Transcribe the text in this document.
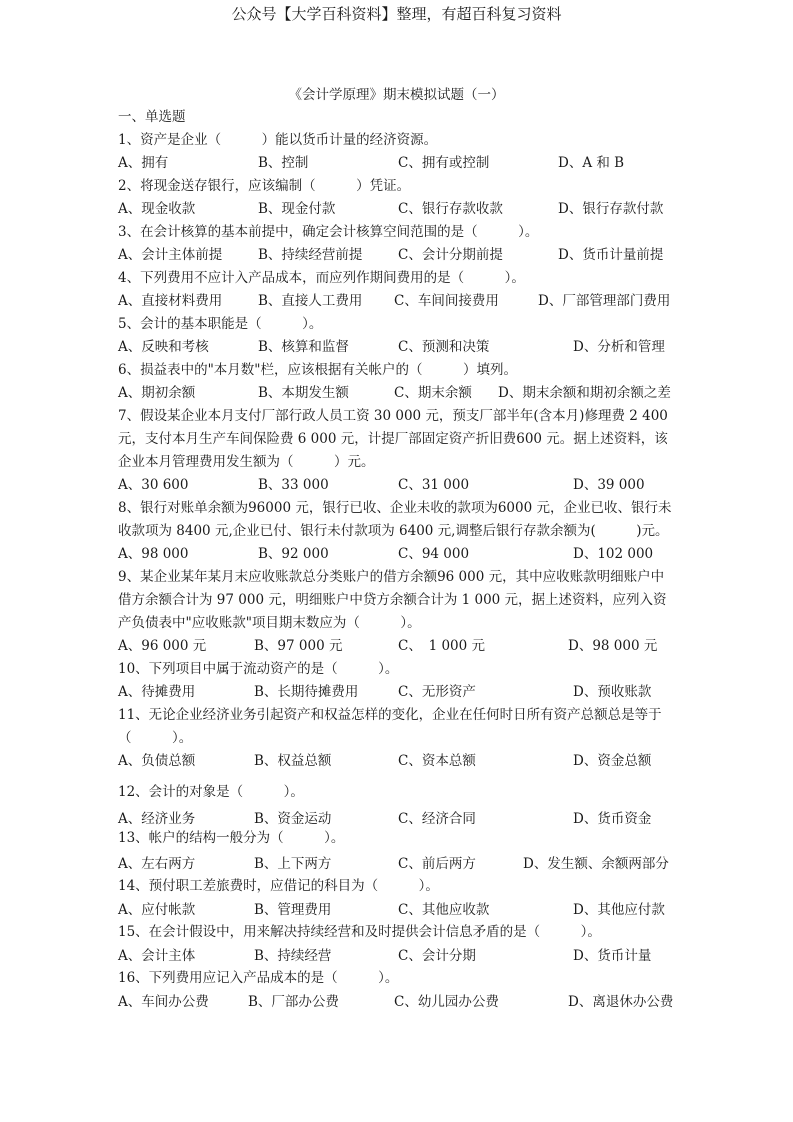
公众号【大学百科资料】整理，有超百科复习资料
《会计学原理》期末模拟试题（一）
一、单选题
1、资产是企业（　　　）能以货币计量的经济资源。
A、拥有	B、控制	C、拥有或控制	D、A 和 B
2、将现金送存银行，应该编制（　　　）凭证。
A、现金收款	B、现金付款	C、银行存款收款	D、银行存款付款
3、在会计核算的基本前提中，确定会计核算空间范围的是（　　　）。
A、会计主体前提	B、持续经营前提	C、会计分期前提	D、货币计量前提
4、下列费用不应计入产品成本，而应列作期间费用的是（　　　）。
A、直接材料费用	B、直接人工费用 C、车间间接费用	D、厂部管理部门费用
5、会计的基本职能是（　　　）。
A、反映和考核	B、核算和监督	C、预测和决策	D、分析和管理
6、损益表中的"本月数"栏，应该根据有关帐户的（　　　）填列。
A、期初余额	B、本期发生额	C、期末余额 D、期末余额和期初余额之差
7、假设某企业本月支付厂部行政人员工资 30 000 元，预支厂部半年(含本月)修理费 2 400
元，支付本月生产车间保险费 6 000 元，计提厂部固定资产折旧费600 元。据上述资料，该
企业本月管理费用发生额为（　　　）元。
A、30 600	B、33 000	C、31 000	D、39 000
8、银行对账单余额为96000 元，银行已收、企业未收的款项为6000 元，企业已收、银行未
收款项为 8400 元,企业已付、银行未付款项为 6400 元,调整后银行存款余额为(　　　)元。
A、98 000	B、92 000	C、94 000	D、102 000
9、某企业某年某月末应收账款总分类账户的借方余额96 000 元，其中应收账款明细账户中
借方余额合计为 97 000 元，明细账户中贷方余额合计为 1 000 元，据上述资料，应列入资
产负债表中"应收账款"项目期末数应为（　　　）。
A、96 000 元	B、97 000 元	C、　1 000 元	D、98 000 元
10、下列项目中属于流动资产的是（　　　）。
A、待摊费用	B、长期待摊费用	C、无形资产	D、预收账款
11、无论企业经济业务引起资产和权益怎样的变化，企业在任何时日所有资产总额总是等于
（　　　）。
A、负债总额	B、权益总额	C、资本总额	D、资金总额
12、会计的对象是（　　　）。
A、经济业务	B、资金运动	C、经济合同	D、货币资金
13、帐户的结构一般分为（　　　）。
A、左右两方	B、上下两方	C、前后两方	D、发生额、余额两部分
14、预付职工差旅费时，应借记的科目为（　　　）。
A、应付帐款	B、管理费用	C、其他应收款	D、其他应付款
15、在会计假设中，用来解决持续经营和及时提供会计信息矛盾的是（　　　）。
A、会计主体	B、持续经营	C、会计分期	D、货币计量
16、下列费用应记入产品成本的是（　　　）。
A、车间办公费	B、厂部办公费	C、幼儿园办公费	D、离退休办公费
